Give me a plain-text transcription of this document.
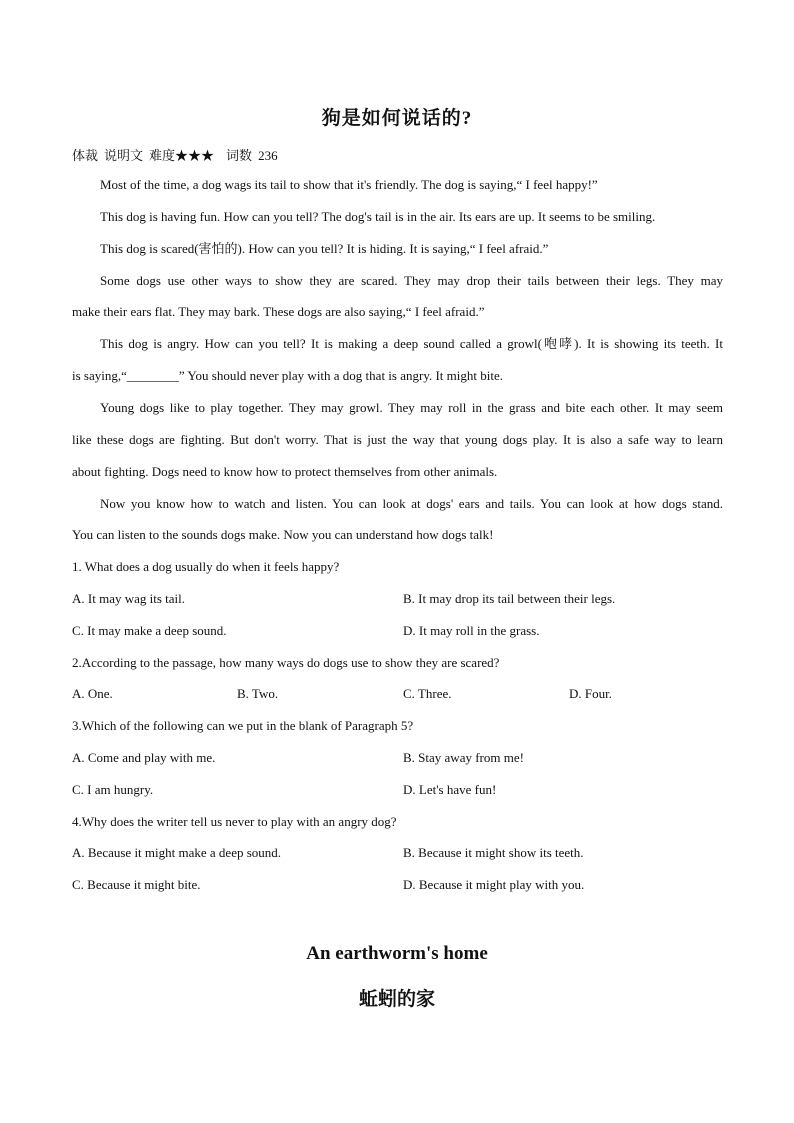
狗是如何说话的?
体裁 说明文 难度★★★ 词数 236
Most of the time, a dog wags its tail to show that it's friendly. The dog is saying,“ I feel happy!”
This dog is having fun. How can you tell? The dog's tail is in the air. Its ears are up. It seems to be smiling.
This dog is scared(害怕的). How can you tell? It is hiding. It is saying,“ I feel afraid.”
Some dogs use other ways to show they are scared. They may drop their tails between their legs. They may
make their ears flat. They may bark. These dogs are also saying,“ I feel afraid.”
This dog is angry. How can you tell? It is making a deep sound called a growl(咆哮). It is showing its teeth. It
is saying,“________” You should never play with a dog that is angry. It might bite.
Young dogs like to play together. They may growl. They may roll in the grass and bite each other. It may seem
like these dogs are fighting. But don't worry. That is just the way that young dogs play. It is also a safe way to learn
about fighting. Dogs need to know how to protect themselves from other animals.
Now you know how to watch and listen. You can look at dogs' ears and tails. You can look at how dogs stand.
You can listen to the sounds dogs make. Now you can understand how dogs talk!
1. What does a dog usually do when it feels happy?
A. It may wag its tail.	B. It may drop its tail between their legs.
C. It may make a deep sound.	D. It may roll in the grass.
2.According to the passage, how many ways do dogs use to show they are scared?
A. One.	B. Two.	C. Three.	D. Four.
3.Which of the following can we put in the blank of Paragraph 5?
A. Come and play with me.	B. Stay away from me!
C. I am hungry.	D. Let's have fun!
4.Why does the writer tell us never to play with an angry dog?
A. Because it might make a deep sound.	B. Because it might show its teeth.
C. Because it might bite.	D. Because it might play with you.
An earthworm's home
蚯蚓的家
